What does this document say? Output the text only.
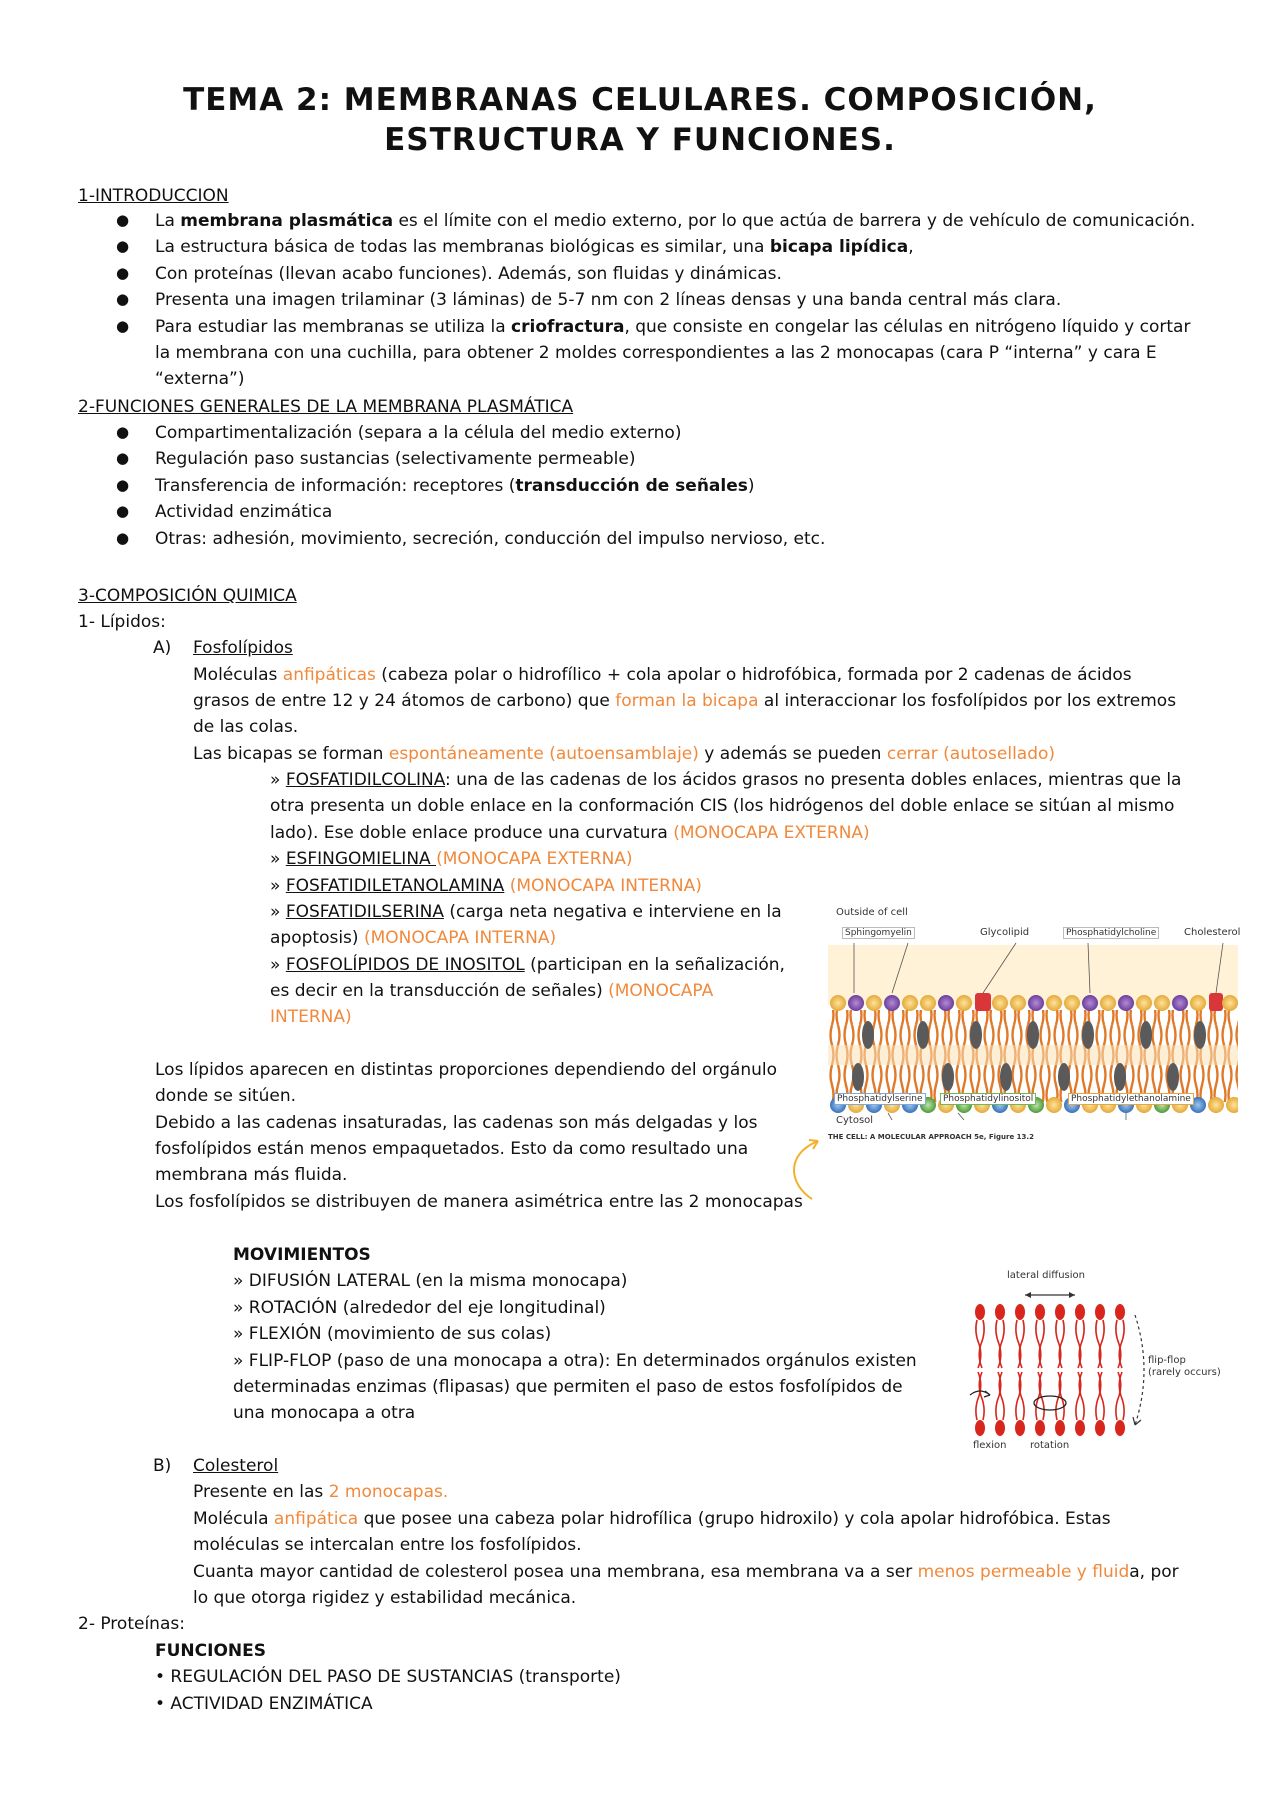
TEMA 2: MEMBRANAS CELULARES. COMPOSICIÓN,
ESTRUCTURA Y FUNCIONES.
1-INTRODUCCION
● La membrana plasmática es el límite con el medio externo, por lo que actúa de barrera y de vehículo de comunicación.
● La estructura básica de todas las membranas biológicas es similar, una bicapa lipídica,
● Con proteínas (llevan acabo funciones). Además, son fluidas y dinámicas.
● Presenta una imagen trilaminar (3 láminas) de 5-7 nm con 2 líneas densas y una banda central más clara.
● Para estudiar las membranas se utiliza la criofractura, que consiste en congelar las células en nitrógeno líquido y cortar
la membrana con una cuchilla, para obtener 2 moldes correspondientes a las 2 monocapas (cara P “interna” y cara E
“externa”)
2-FUNCIONES GENERALES DE LA MEMBRANA PLASMÁTICA
● Compartimentalización (separa a la célula del medio externo)
● Regulación paso sustancias (selectivamente permeable)
● Transferencia de información: receptores (transducción de señales)
● Actividad enzimática
● Otras: adhesión, movimiento, secreción, conducción del impulso nervioso, etc.
3-COMPOSICIÓN QUIMICA
1- Lípidos:
A) Fosfolípidos
Moléculas anfipáticas (cabeza polar o hidrofílico + cola apolar o hidrofóbica, formada por 2 cadenas de ácidos
grasos de entre 12 y 24 átomos de carbono) que forman la bicapa al interaccionar los fosfolípidos por los extremos
de las colas.
Las bicapas se forman espontáneamente (autoensamblaje) y además se pueden cerrar (autosellado)
» FOSFATIDILCOLINA: una de las cadenas de los ácidos grasos no presenta dobles enlaces, mientras que la
otra presenta un doble enlace en la conformación CIS (los hidrógenos del doble enlace se sitúan al mismo
lado). Ese doble enlace produce una curvatura (MONOCAPA EXTERNA)
» ESFINGOMIELINA (MONOCAPA EXTERNA)
» FOSFATIDILETANOLAMINA (MONOCAPA INTERNA)
» FOSFATIDILSERINA (carga neta negativa e interviene en la
apoptosis) (MONOCAPA INTERNA)
» FOSFOLÍPIDOS DE INOSITOL (participan en la señalización,
es decir en la transducción de señales) (MONOCAPA
INTERNA)
Los lípidos aparecen en distintas proporciones dependiendo del orgánulo
donde se sitúen.
Debido a las cadenas insaturadas, las cadenas son más delgadas y los
fosfolípidos están menos empaquetados. Esto da como resultado una
membrana más fluida.
Los fosfolípidos se distribuyen de manera asimétrica entre las 2 monocapas
Outside of cell
Sphingomyelin	Glycolipid	Phosphatidylcholine	Cholesterol
Phosphatidylserine	Phosphatidylinositol	Phosphatidylethanolamine
Cytosol
THE CELL: A MOLECULAR APPROACH 5e, Figure 13.2
MOVIMIENTOS
» DIFUSIÓN LATERAL (en la misma monocapa)
» ROTACIÓN (alrededor del eje longitudinal)
» FLEXIÓN (movimiento de sus colas)
» FLIP-FLOP (paso de una monocapa a otra): En determinados orgánulos existen
determinadas enzimas (flipasas) que permiten el paso de estos fosfolípidos de
una monocapa a otra
lateral diffusion
flip-flop
(rarely occurs)
flexion rotation
B) Colesterol
Presente en las 2 monocapas.
Molécula anfipática que posee una cabeza polar hidrofílica (grupo hidroxilo) y cola apolar hidrofóbica. Estas
moléculas se intercalan entre los fosfolípidos.
Cuanta mayor cantidad de colesterol posea una membrana, esa membrana va a ser menos permeable y fluida, por
lo que otorga rigidez y estabilidad mecánica.
2- Proteínas:
FUNCIONES
• REGULACIÓN DEL PASO DE SUSTANCIAS (transporte)
• ACTIVIDAD ENZIMÁTICA
